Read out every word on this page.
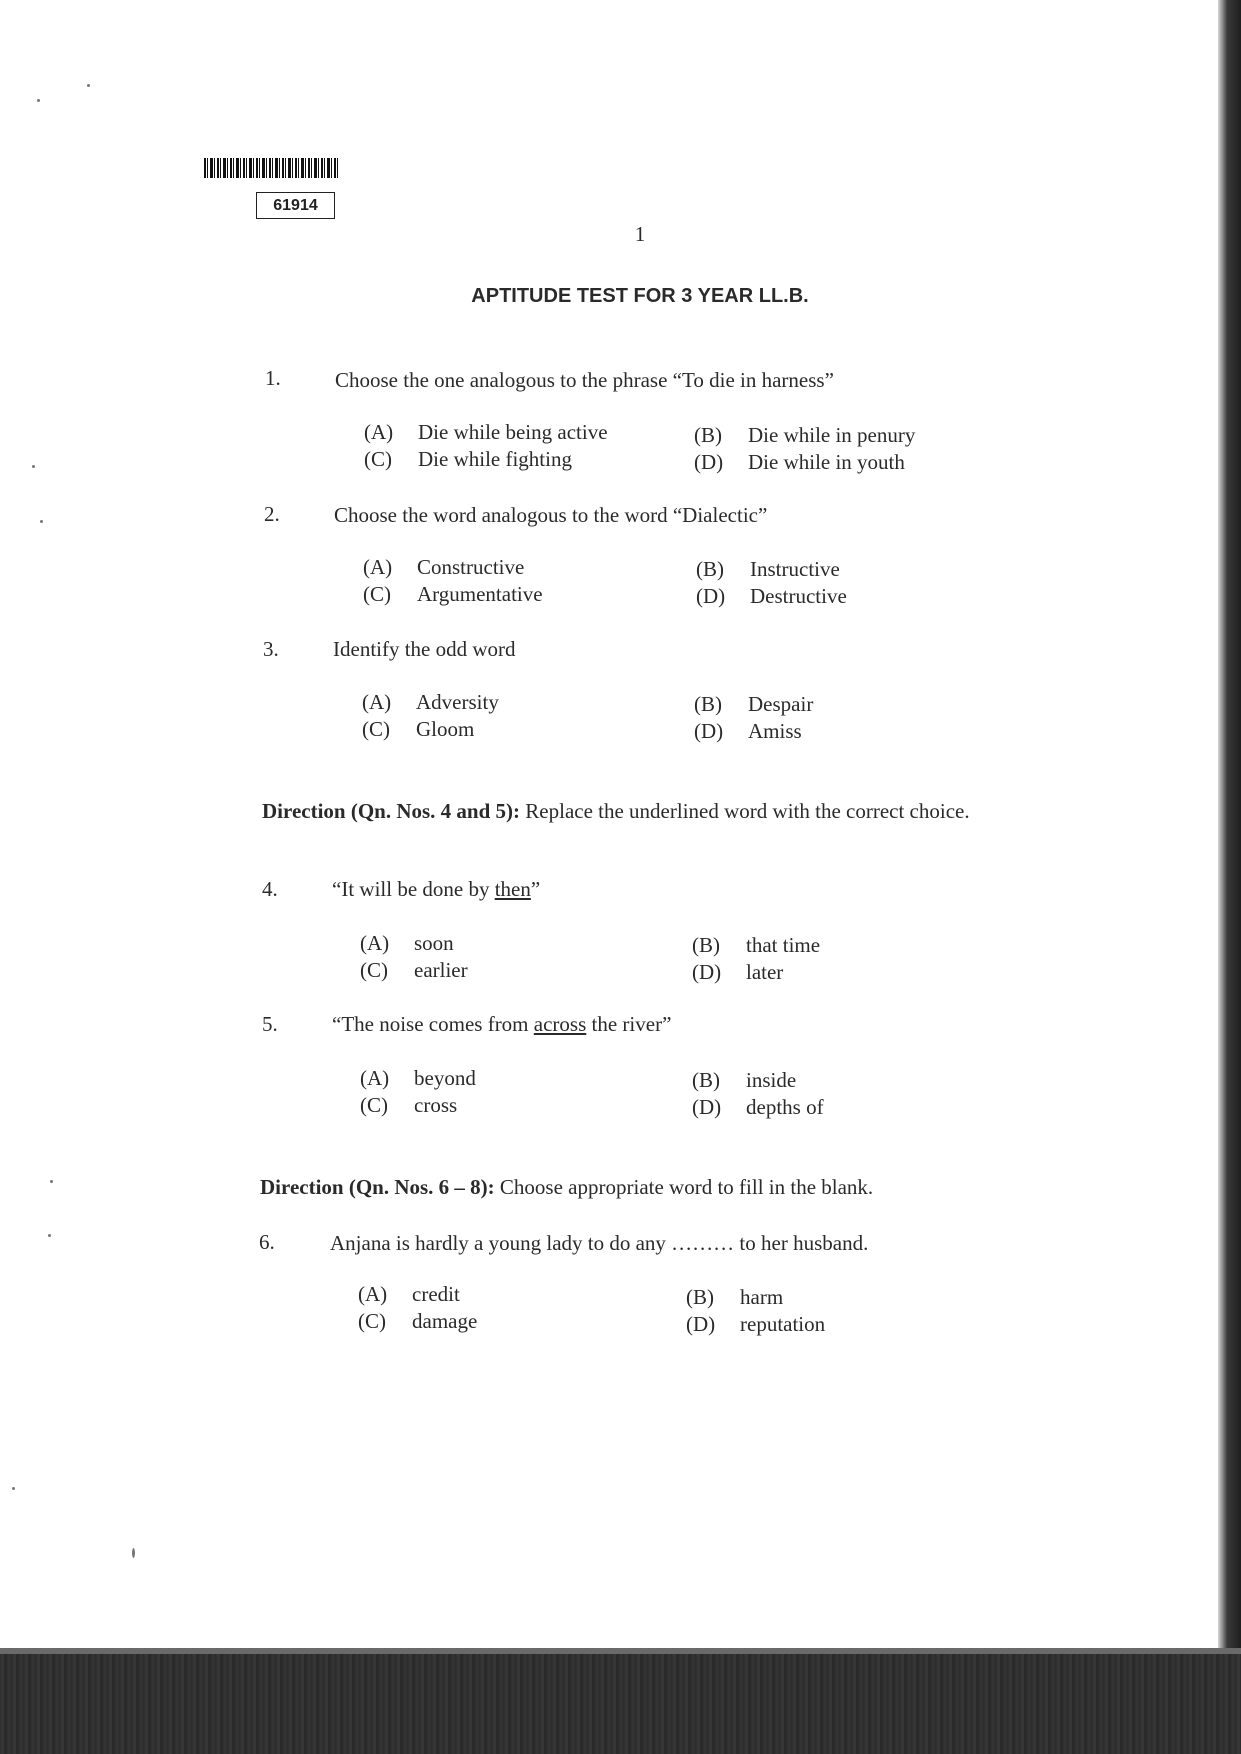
61914
1
APTITUDE TEST FOR 3 YEAR LL.B.
1.	Choose the one analogous to the phrase “To die in harness”
(A) Die while being active	(B) Die while in penury
(C) Die while fighting	(D) Die while in youth
2.	Choose the word analogous to the word “Dialectic”
(A) Constructive	(B) Instructive
(C) Argumentative	(D) Destructive
3.	Identify the odd word
(A) Adversity	(B) Despair
(C) Gloom	(D) Amiss
Direction (Qn. Nos. 4 and 5): Replace the underlined word with the correct choice.
4.	“It will be done by then”
(A) soon	(B) that time
(C) earlier	(D) later
5.	“The noise comes from across the river”
(A) beyond	(B) inside
(C) cross	(D) depths of
Direction (Qn. Nos. 6 – 8): Choose appropriate word to fill in the blank.
6.	Anjana is hardly a young lady to do any ……… to her husband.
(A) credit	(B) harm
(C) damage	(D) reputation
